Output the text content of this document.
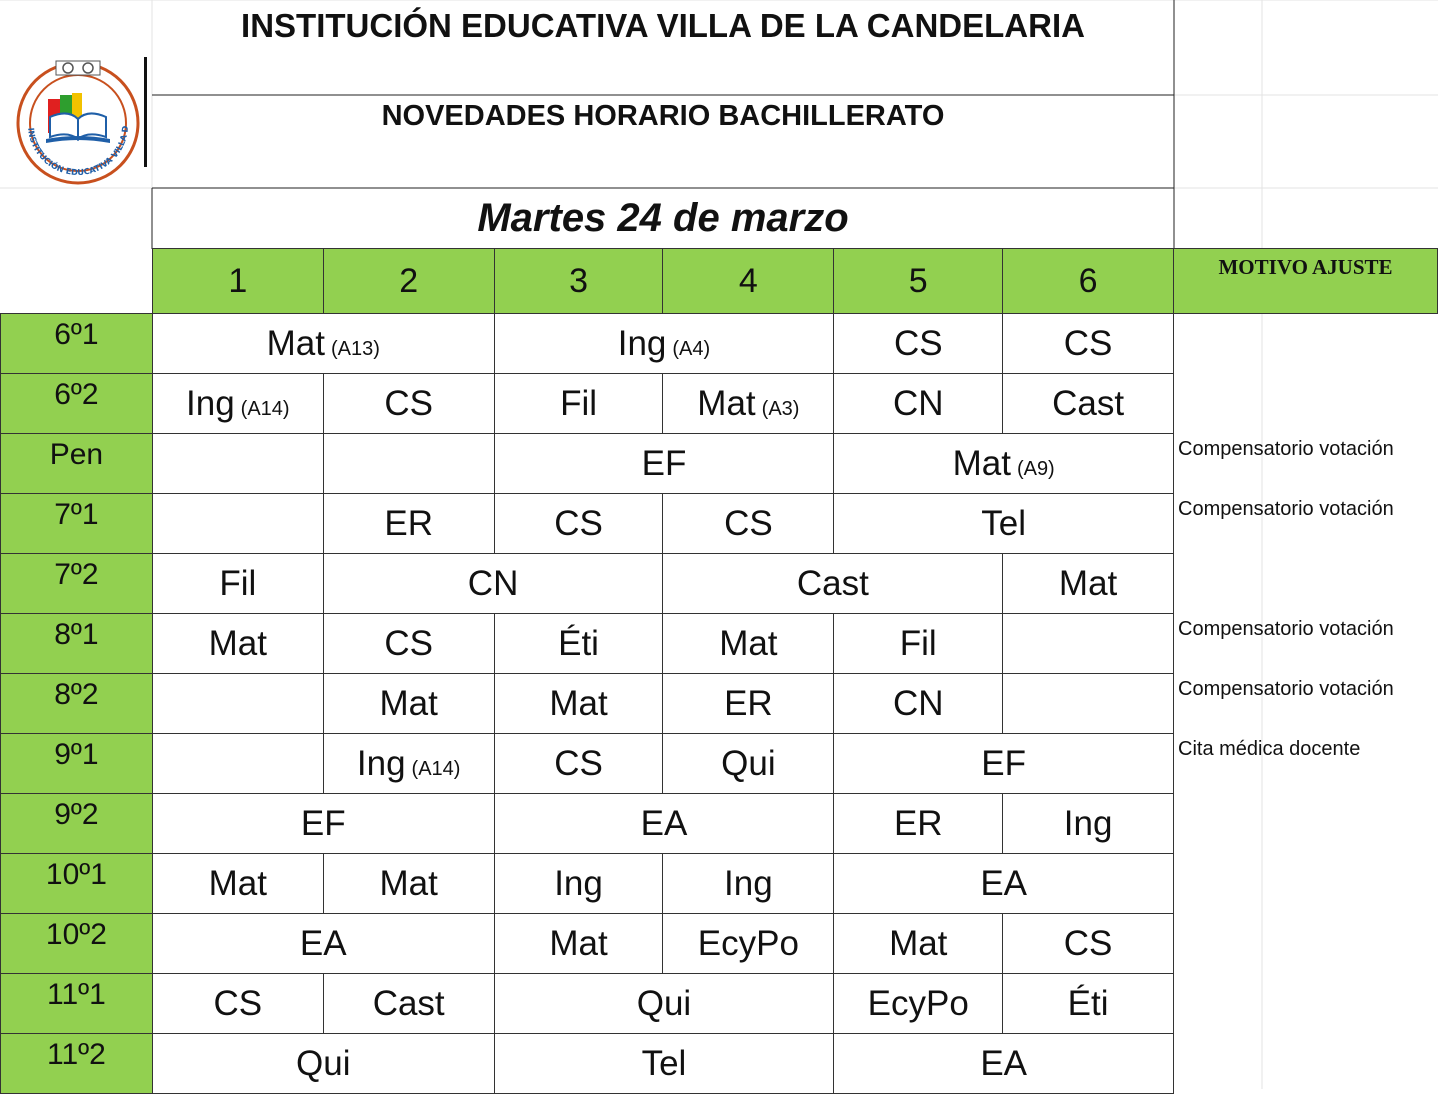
INSTITUCIÓN EDUCATIVA VILLA D
INSTITUCIÓN EDUCATIVA VILLA DE LA CANDELARIA
NOVEDADES HORARIO BACHILLERATO
Martes 24 de marzo
	1	2	3	4	5	6	MOTIVO AJUSTE
6º1	Mat (A13)		Ing (A4)		CS	CS	
6º2	Ing (A14)	CS	Fil	Mat (A3)	CN	Cast	
Pen			EF		Mat (A9)		Compensatorio votación
7º1		ER	CS	CS	Tel		Compensatorio votación
7º2	Fil	CN		Cast		Mat	
8º1	Mat	CS	Éti	Mat	Fil		Compensatorio votación
8º2		Mat	Mat	ER	CN		Compensatorio votación
9º1		Ing (A14)	CS	Qui	EF		Cita médica docente
9º2	EF		EA		ER	Ing	
10º1	Mat	Mat	Ing	Ing	EA		
10º2	EA		Mat	EcyPo	Mat	CS	
11º1	CS	Cast	Qui		EcyPo	Éti	
11º2	Qui		Tel		EA		
